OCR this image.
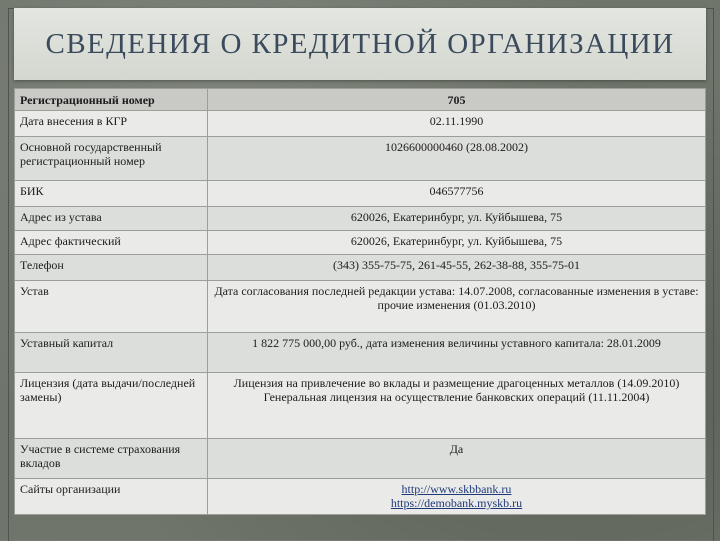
СВЕДЕНИЯ О КРЕДИТНОЙ ОРГАНИЗАЦИИ
Регистрационный номер	705
Дата внесения в КГР	02.11.1990
Основной государственный регистрационный номер	1026600000460 (28.08.2002)
БИК	046577756
Адрес из устава	620026, Екатеринбург, ул. Куйбышева, 75
Адрес фактический	620026, Екатеринбург, ул. Куйбышева, 75
Телефон	(343) 355-75-75, 261-45-55, 262-38-88, 355-75-01
Устав	Дата согласования последней редакции устава: 14.07.2008, согласованные изменения в уставе: прочие изменения (01.03.2010)
Уставный капитал	1 822 775 000,00 руб., дата изменения величины уставного капитала: 28.01.2009
Лицензия (дата выдачи/последней замены)	Лицензия на привлечение во вклады и размещение драгоценных металлов (14.09.2010)
Генеральная лицензия на осуществление банковских операций (11.11.2004)

Участие в системе страхования вкладов	Да
Сайты организации	http://www.skbbank.ru
https://demobank.myskb.ru
